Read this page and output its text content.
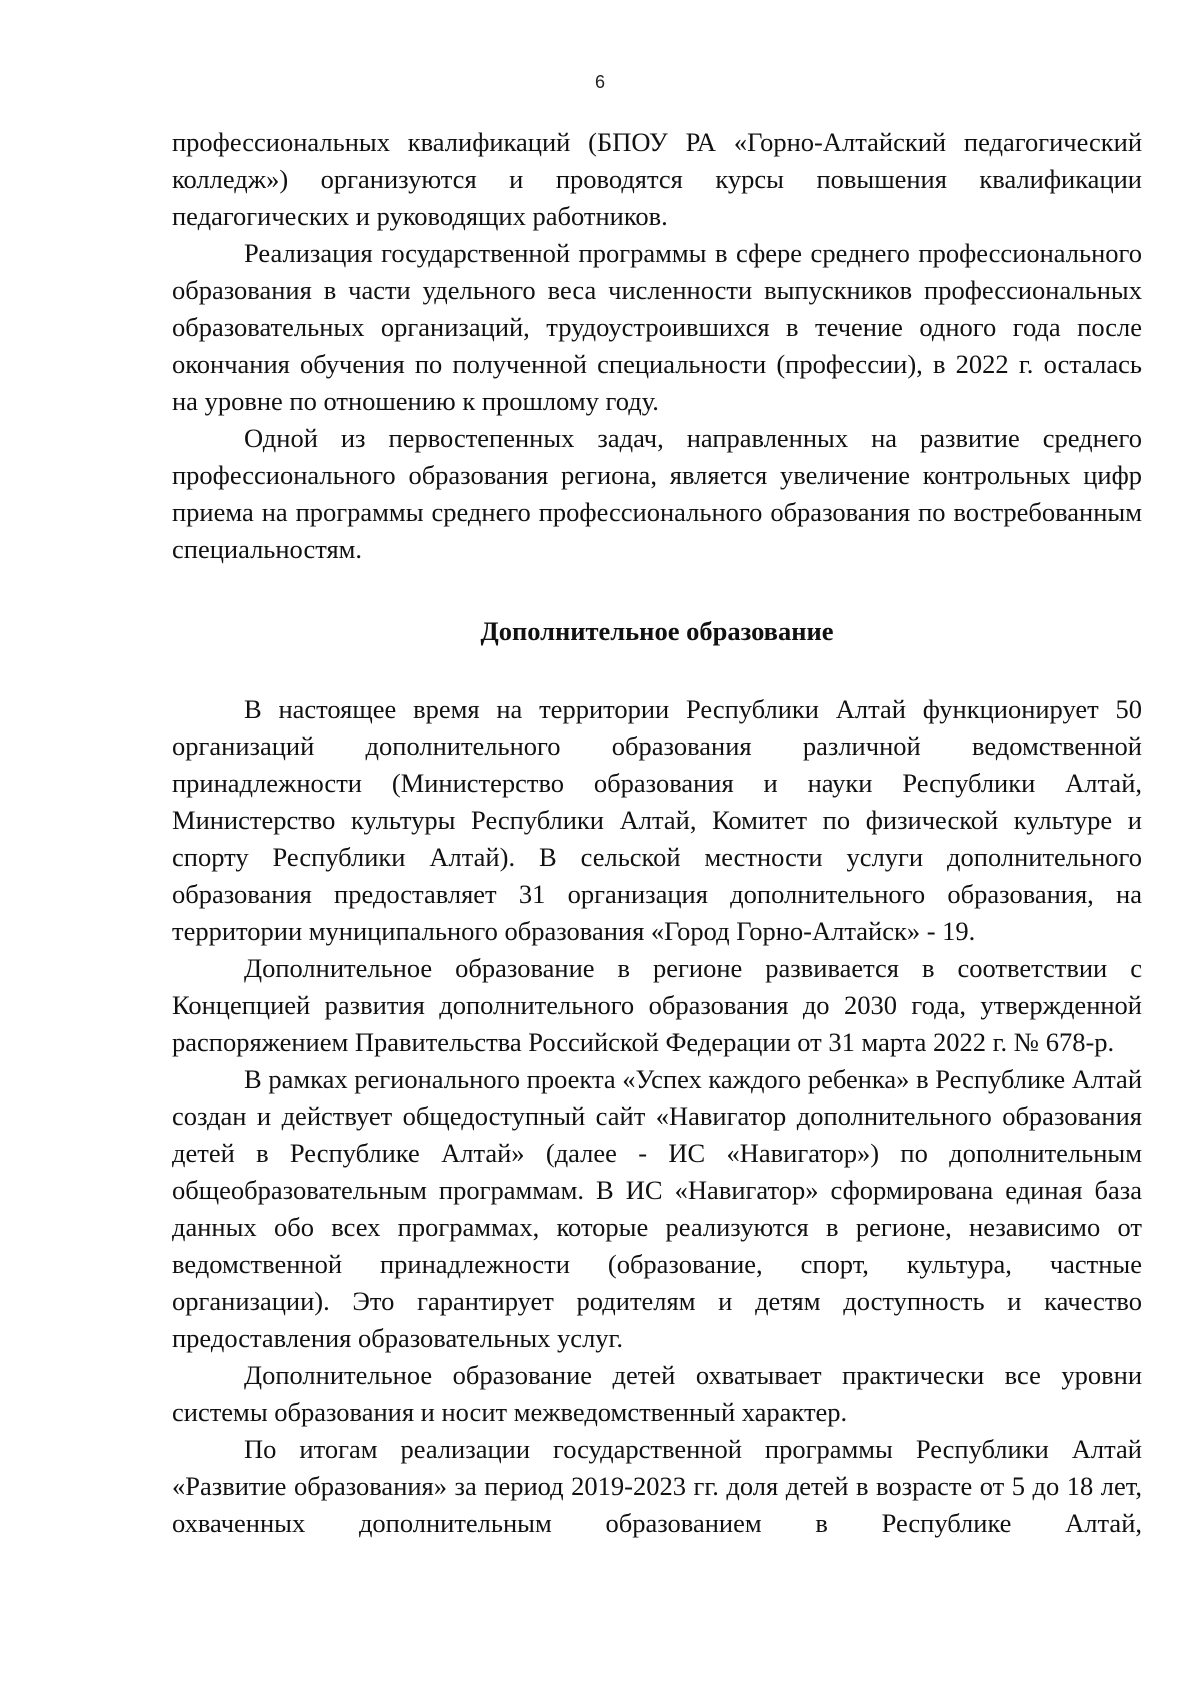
6

профессиональных квалификаций (БПОУ РА «Горно-Алтайский педагогический колледж») организуются и проводятся курсы повышения квалификации педагогических и руководящих работников.

Реализация государственной программы в сфере среднего профессионального образования в части удельного веса численности выпускников профессиональных образовательных организаций, трудоустроившихся в течение одного года после окончания обучения по полученной специальности (профессии), в 2022 г. осталась на уровне по отношению к прошлому году.

Одной из первостепенных задач, направленных на развитие среднего профессионального образования региона, является увеличение контрольных цифр приема на программы среднего профессионального образования по востребованным специальностям.

Дополнительное образование

В настоящее время на территории Республики Алтай функционирует 50 организаций дополнительного образования различной ведомственной принадлежности (Министерство образования и науки Республики Алтай, Министерство культуры Республики Алтай, Комитет по физической культуре и спорту Республики Алтай). В сельской местности услуги дополнительного образования предоставляет 31 организация дополнительного образования, на территории муниципального образования «Город Горно-Алтайск» - 19.

Дополнительное образование в регионе развивается в соответствии с Концепцией развития дополнительного образования до 2030 года, утвержденной распоряжением Правительства Российской Федерации от 31 марта 2022 г. № 678-р.

В рамках регионального проекта «Успех каждого ребенка» в Республике Алтай создан и действует общедоступный сайт «Навигатор дополнительного образования детей в Республике Алтай» (далее - ИС «Навигатор») по дополнительным общеобразовательным программам. В ИС «Навигатор» сформирована единая база данных обо всех программах, которые реализуются в регионе, независимо от ведомственной принадлежности (образование, спорт, культура, частные организации). Это гарантирует родителям и детям доступность и качество предоставления образовательных услуг.

Дополнительное образование детей охватывает практически все уровни системы образования и носит межведомственный характер.

По итогам реализации государственной программы Республики Алтай «Развитие образования» за период 2019-2023 гг. доля детей в возрасте от 5 до 18 лет, охваченных дополнительным образованием в Республике Алтай,
